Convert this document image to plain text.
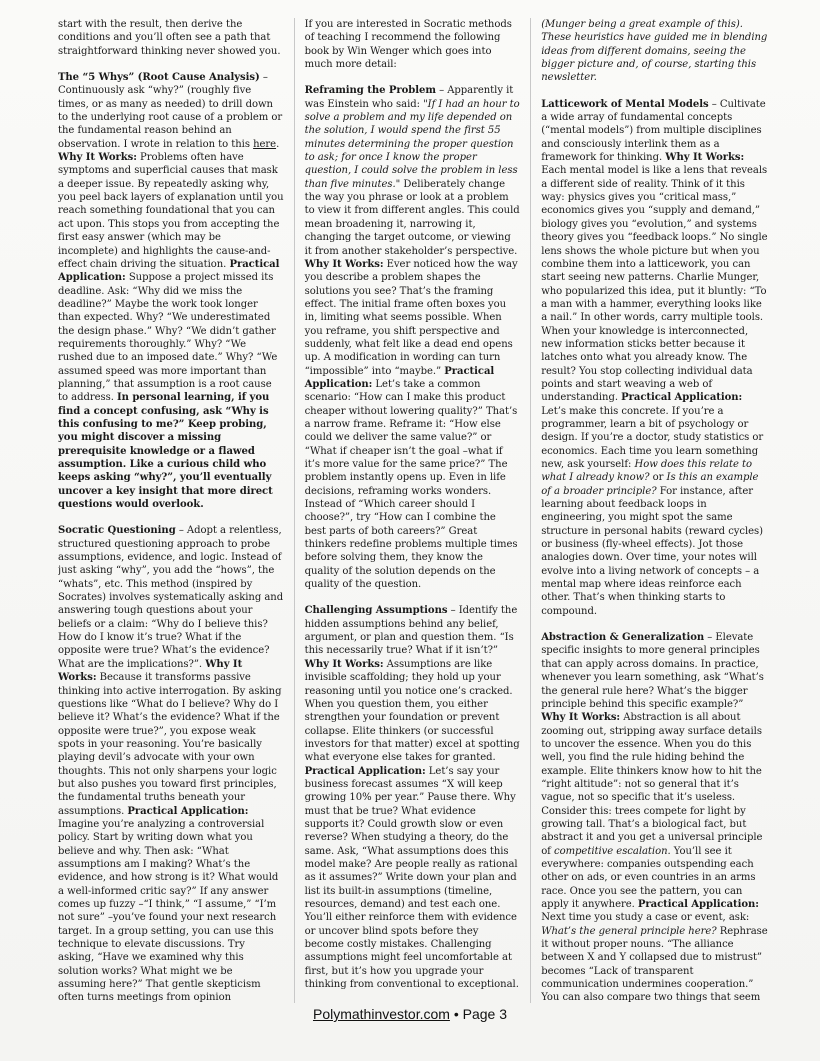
start with the result, then derive the conditions and you’ll often see a path that straightforward thinking never showed you.

The “5 Whys” (Root Cause Analysis) – Continuously ask “why?” (roughly five times, or as many as needed) to drill down to the underlying root cause of a problem or the fundamental reason behind an observation. I wrote in relation to this here. Why It Works: Problems often have symptoms and superficial causes that mask a deeper issue. By repeatedly asking why, you peel back layers of explanation until you reach something foundational that you can act upon. This stops you from accepting the first easy answer (which may be incomplete) and highlights the cause-and-effect chain driving the situation. Practical Application: Suppose a project missed its deadline. Ask: “Why did we miss the deadline?” Maybe the work took longer than expected. Why? “We underestimated the design phase.” Why? “We didn’t gather requirements thoroughly.” Why? “We rushed due to an imposed date.” Why? “We assumed speed was more important than planning,” that assumption is a root cause to address. In personal learning, if you find a concept confusing, ask “Why is this confusing to me?” Keep probing, you might discover a missing prerequisite knowledge or a flawed assumption. Like a curious child who keeps asking “why?”, you’ll eventually uncover a key insight that more direct questions would overlook.

Socratic Questioning – Adopt a relentless, structured questioning approach to probe assumptions, evidence, and logic. Instead of just asking “why”, you add the “hows”, the “whats”, etc. This method (inspired by Socrates) involves systematically asking and answering tough questions about your beliefs or a claim: “Why do I believe this? How do I know it’s true? What if the opposite were true? What’s the evidence? What are the implications?”. Why It Works: Because it transforms passive thinking into active interrogation. By asking questions like “What do I believe? Why do I believe it? What’s the evidence? What if the opposite were true?”, you expose weak spots in your reasoning. You’re basically playing devil’s advocate with your own thoughts. This not only sharpens your logic but also pushes you toward first principles, the fundamental truths beneath your assumptions. Practical Application: Imagine you’re analyzing a controversial policy. Start by writing down what you believe and why. Then ask: “What assumptions am I making? What’s the evidence, and how strong is it? What would a well-informed critic say?” If any answer comes up fuzzy –“I think,” “I assume,” “I’m not sure” –you’ve found your next research target. In a group setting, you can use this technique to elevate discussions. Try asking, “Have we examined why this solution works? What might we be assuming here?” That gentle skepticism often turns meetings from opinion

If you are interested in Socratic methods of teaching I recommend the following book by Win Wenger which goes into much more detail:

Reframing the Problem – Apparently it was Einstein who said: "If I had an hour to solve a problem and my life depended on the solution, I would spend the first 55 minutes determining the proper question to ask; for once I know the proper question, I could solve the problem in less than five minutes." Deliberately change the way you phrase or look at a problem to view it from different angles. This could mean broadening it, narrowing it, changing the target outcome, or viewing it from another stakeholder’s perspective. Why It Works: Ever noticed how the way you describe a problem shapes the solutions you see? That’s the framing effect. The initial frame often boxes you in, limiting what seems possible. When you reframe, you shift perspective and suddenly, what felt like a dead end opens up. A modification in wording can turn “impossible” into “maybe.” Practical Application: Let’s take a common scenario: “How can I make this product cheaper without lowering quality?” That’s a narrow frame. Reframe it: “How else could we deliver the same value?” or “What if cheaper isn’t the goal –what if it’s more value for the same price?” The problem instantly opens up. Even in life decisions, reframing works wonders. Instead of “Which career should I choose?”, try “How can I combine the best parts of both careers?” Great thinkers redefine problems multiple times before solving them, they know the quality of the solution depends on the quality of the question.

Challenging Assumptions – Identify the hidden assumptions behind any belief, argument, or plan and question them. “Is this necessarily true? What if it isn’t?” Why It Works: Assumptions are like invisible scaffolding; they hold up your reasoning until you notice one’s cracked. When you question them, you either strengthen your foundation or prevent collapse. Elite thinkers (or successful investors for that matter) excel at spotting what everyone else takes for granted. Practical Application: Let’s say your business forecast assumes “X will keep growing 10% per year.” Pause there. Why must that be true? What evidence supports it? Could growth slow or even reverse? When studying a theory, do the same. Ask, “What assumptions does this model make? Are people really as rational as it assumes?” Write down your plan and list its built-in assumptions (timeline, resources, demand) and test each one. You’ll either reinforce them with evidence or uncover blind spots before they become costly mistakes. Challenging assumptions might feel uncomfortable at first, but it’s how you upgrade your thinking from conventional to exceptional.

(Munger being a great example of this). These heuristics have guided me in blending ideas from different domains, seeing the bigger picture and, of course, starting this newsletter.

Latticework of Mental Models – Cultivate a wide array of fundamental concepts (“mental models”) from multiple disciplines and consciously interlink them as a framework for thinking. Why It Works: Each mental model is like a lens that reveals a different side of reality. Think of it this way: physics gives you “critical mass,” economics gives you “supply and demand,” biology gives you “evolution,” and systems theory gives you “feedback loops.” No single lens shows the whole picture but when you combine them into a latticework, you can start seeing new patterns. Charlie Munger, who popularized this idea, put it bluntly: “To a man with a hammer, everything looks like a nail.” In other words, carry multiple tools. When your knowledge is interconnected, new information sticks better because it latches onto what you already know. The result? You stop collecting individual data points and start weaving a web of understanding. Practical Application: Let’s make this concrete. If you’re a programmer, learn a bit of psychology or design. If you’re a doctor, study statistics or economics. Each time you learn something new, ask yourself: How does this relate to what I already know? or Is this an example of a broader principle? For instance, after learning about feedback loops in engineering, you might spot the same structure in personal habits (reward cycles) or business (fly-wheel effects). Jot those analogies down. Over time, your notes will evolve into a living network of concepts – a mental map where ideas reinforce each other. That’s when thinking starts to compound.

Abstraction & Generalization – Elevate specific insights to more general principles that can apply across domains. In practice, whenever you learn something, ask “What’s the general rule here? What’s the bigger principle behind this specific example?” Why It Works: Abstraction is all about zooming out, stripping away surface details to uncover the essence. When you do this well, you find the rule hiding behind the example. Elite thinkers know how to hit the “right altitude”: not so general that it’s vague, not so specific that it’s useless. Consider this: trees compete for light by growing tall. That’s a biological fact, but abstract it and you get a universal principle of competitive escalation. You’ll see it everywhere: companies outspending each other on ads, or even countries in an arms race. Once you see the pattern, you can apply it anywhere. Practical Application: Next time you study a case or event, ask: What’s the general principle here? Rephrase it without proper nouns. “The alliance between X and Y collapsed due to mistrust” becomes “Lack of transparent communication undermines cooperation.” You can also compare two things that seem

Polymathinvestor.com • Page 3
